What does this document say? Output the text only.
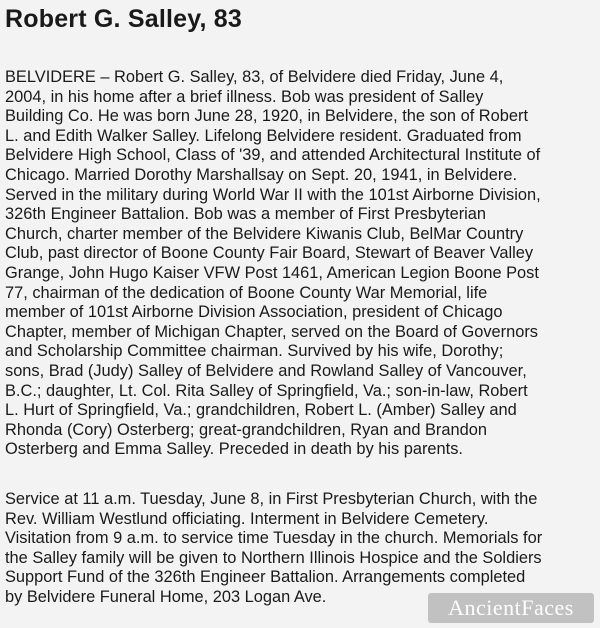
Robert G. Salley, 83
BELVIDERE – Robert G. Salley, 83, of Belvidere died Friday, June 4,
2004, in his home after a brief illness. Bob was president of Salley
Building Co. He was born June 28, 1920, in Belvidere, the son of Robert
L. and Edith Walker Salley. Lifelong Belvidere resident. Graduated from
Belvidere High School, Class of '39, and attended Architectural Institute of
Chicago. Married Dorothy Marshallsay on Sept. 20, 1941, in Belvidere.
Served in the military during World War II with the 101st Airborne Division,
326th Engineer Battalion. Bob was a member of First Presbyterian
Church, charter member of the Belvidere Kiwanis Club, BelMar Country
Club, past director of Boone County Fair Board, Stewart of Beaver Valley
Grange, John Hugo Kaiser VFW Post 1461, American Legion Boone Post
77, chairman of the dedication of Boone County War Memorial, life
member of 101st Airborne Division Association, president of Chicago
Chapter, member of Michigan Chapter, served on the Board of Governors
and Scholarship Committee chairman. Survived by his wife, Dorothy;
sons, Brad (Judy) Salley of Belvidere and Rowland Salley of Vancouver,
B.C.; daughter, Lt. Col. Rita Salley of Springfield, Va.; son-in-law, Robert
L. Hurt of Springfield, Va.; grandchildren, Robert L. (Amber) Salley and
Rhonda (Cory) Osterberg; great-grandchildren, Ryan and Brandon
Osterberg and Emma Salley. Preceded in death by his parents.
Service at 11 a.m. Tuesday, June 8, in First Presbyterian Church, with the
Rev. William Westlund officiating. Interment in Belvidere Cemetery.
Visitation from 9 a.m. to service time Tuesday in the church. Memorials for
the Salley family will be given to Northern Illinois Hospice and the Soldiers
Support Fund of the 326th Engineer Battalion. Arrangements completed
by Belvidere Funeral Home, 203 Logan Ave.	AncientFaces
